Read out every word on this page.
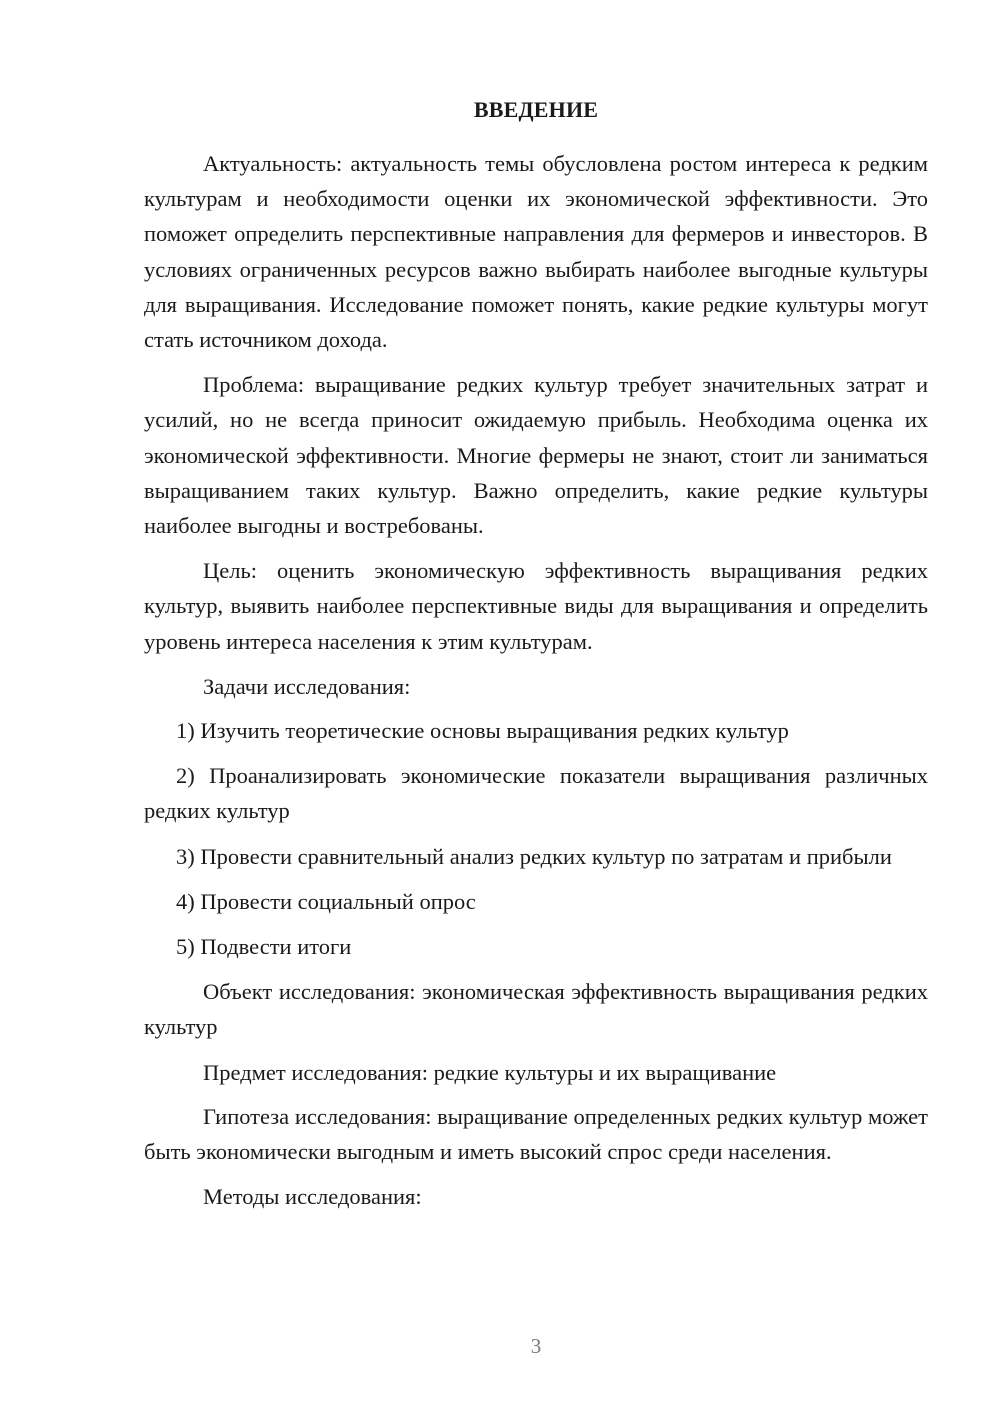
ВВЕДЕНИЕ

Актуальность: актуальность темы обусловлена ростом интереса к редким культурам и необходимости оценки их экономической эффективности. Это поможет определить перспективные направления для фермеров и инвесторов. В условиях ограниченных ресурсов важно выбирать наиболее выгодные культуры для выращивания. Исследование поможет понять, какие редкие культуры могут стать источником дохода.

Проблема: выращивание редких культур требует значительных затрат и усилий, но не всегда приносит ожидаемую прибыль. Необходима оценка их экономической эффективности. Многие фермеры не знают, стоит ли заниматься выращиванием таких культур. Важно определить, какие редкие культуры наиболее выгодны и востребованы.

Цель: оценить экономическую эффективность выращивания редких культур, выявить наиболее перспективные виды для выращивания и определить уровень интереса населения к этим культурам.

Задачи исследования:

1) Изучить теоретические основы выращивания редких культур

2) Проанализировать экономические показатели выращивания различных редких культур

3) Провести сравнительный анализ редких культур по затратам и прибыли

4) Провести социальный опрос

5) Подвести итоги

Объект исследования: экономическая эффективность выращивания редких культур

Предмет исследования: редкие культуры и их выращивание

Гипотеза исследования: выращивание определенных редких культур может быть экономически выгодным и иметь высокий спрос среди населения.

Методы исследования:

3
